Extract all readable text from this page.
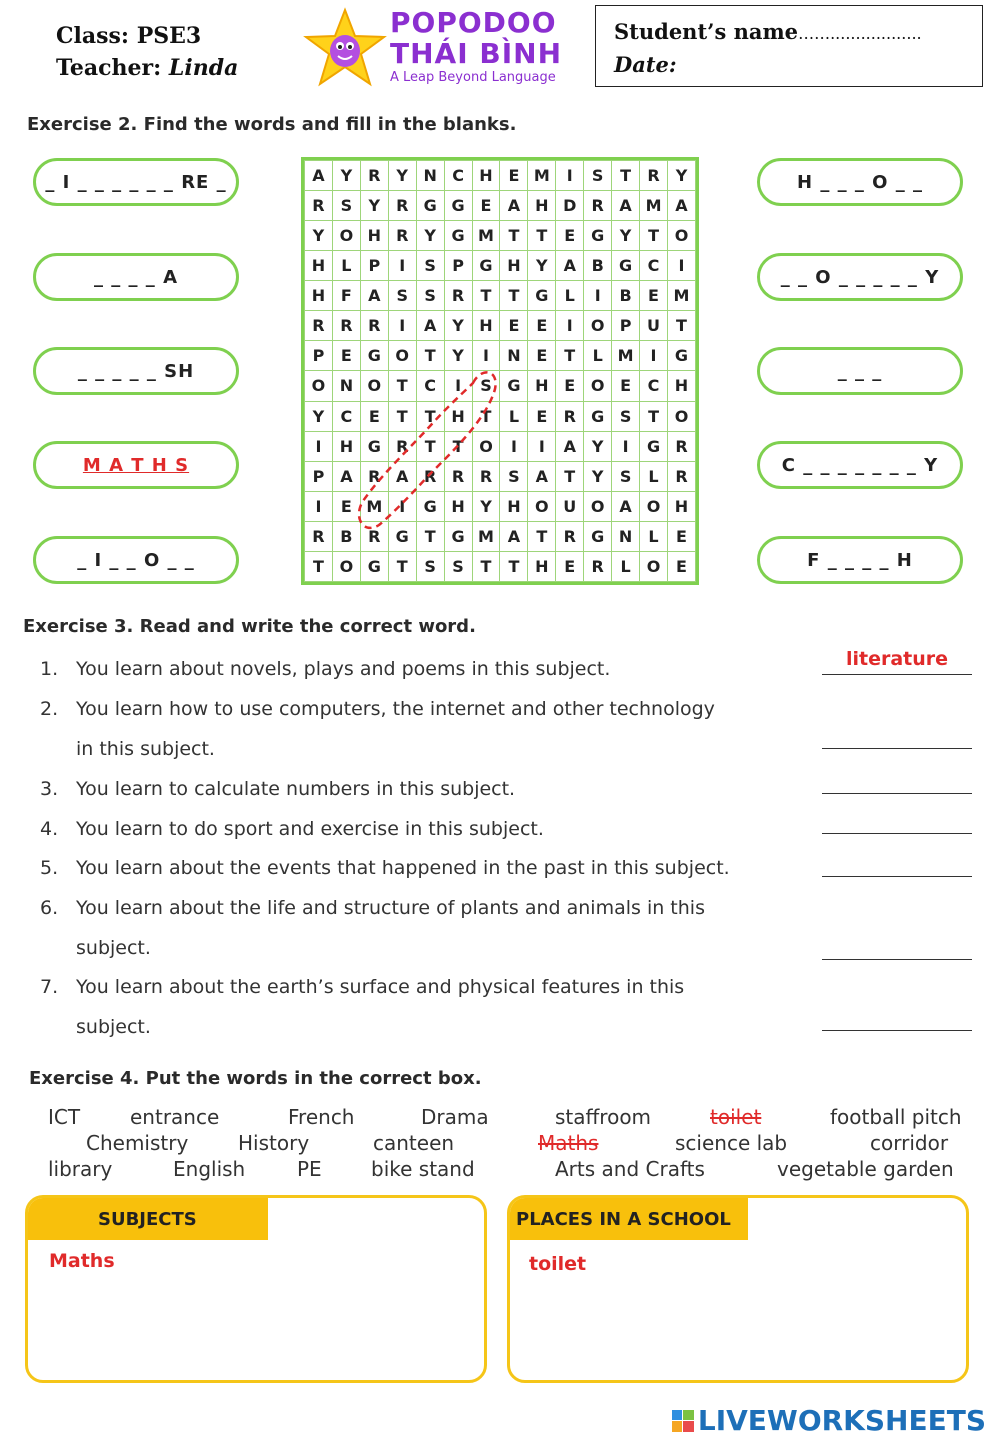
Class: PSE3
Teacher: Linda
POPODOO
THÁI BÌNH
A Leap Beyond Language
Student’s name……..................
Date:
Exercise 2. Find the words and fill in the blanks.
_ I _ _ _ _ _ _ RE _
_ _ _ _ A
_ _ _ _ _ SH
M A T H S
_ I _ _ O _ _
H _ _ _ O _ _
_ _ O _ _ _ _ _ Y
_ _ _
C _ _ _ _ _ _ _ Y
F _ _ _ _ H
A	Y	R	Y	N	C	H	E	M	I	S	T	R	Y
R	S	Y	R	G	G	E	A	H	D	R	A	M	A
Y	O	H	R	Y	G	M	T	T	E	G	Y	T	O
H	L	P	I	S	P	G	H	Y	A	B	G	C	I
H	F	A	S	S	R	T	T	G	L	I	B	E	M
R	R	R	I	A	Y	H	E	E	I	O	P	U	T
P	E	G	O	T	Y	I	N	E	T	L	M	I	G
O	N	O	T	C	I	S	G	H	E	O	E	C	H
Y	C	E	T	T	H	T	L	E	R	G	S	T	O
I	H	G	R	T	T	O	I	I	A	Y	I	G	R
P	A	R	A	R	R	R	S	A	T	Y	S	L	R
I	E	M	I	G	H	Y	H	O	U	O	A	O	H
R	B	R	G	T	G	M	A	T	R	G	N	L	E
T	O	G	T	S	S	T	T	H	E	R	L	O	E
Exercise 3. Read and write the correct word.
1. You learn about novels, plays and poems in this subject.	literature
2. You learn how to use computers, the internet and other technology
in this subject.
3. You learn to calculate numbers in this subject.
4. You learn to do sport and exercise in this subject.
5. You learn about the events that happened in the past in this subject.
6. You learn about the life and structure of plants and animals in this
subject.
7. You learn about the earth’s surface and physical features in this
subject.
Exercise 4. Put the words in the correct box.
ICT entrance	French	Drama	staffroom	toilet	football pitch
Chemistry History	canteen	Maths	science lab	corridor
library	English	PE bike stand	Arts and Crafts	vegetable garden
SUBJECTS
Maths
PLACES IN A SCHOOL
toilet
LIVEWORKSHEETS
